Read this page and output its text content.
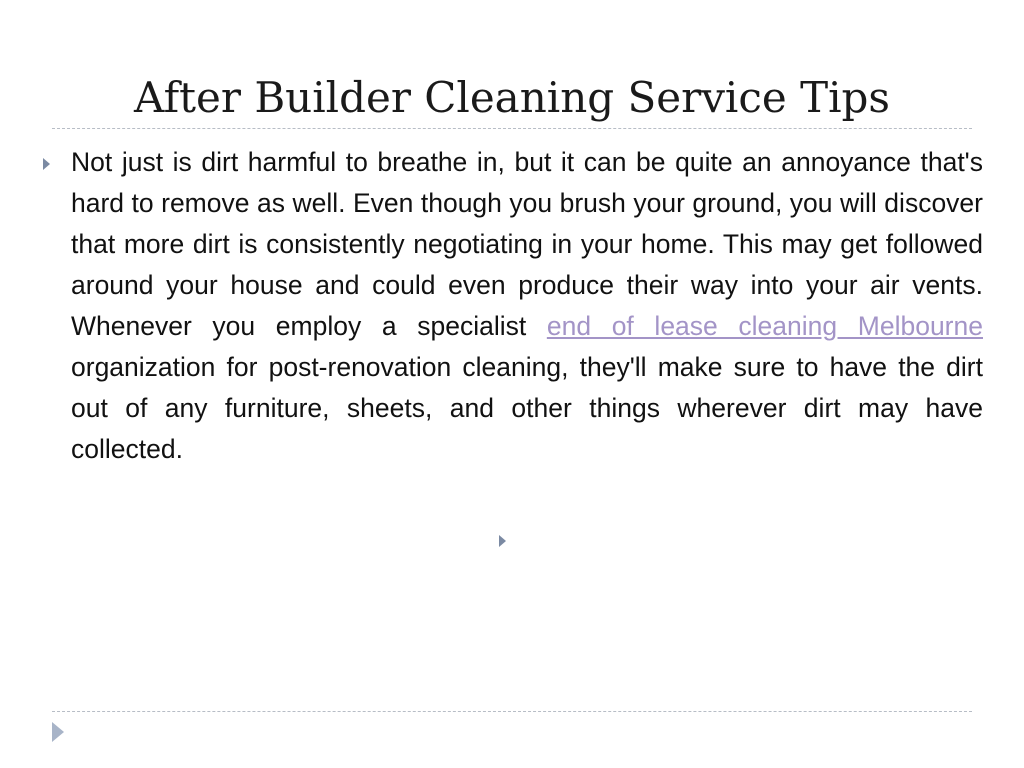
After Builder Cleaning Service Tips

Not just is dirt harmful to breathe in, but it can be quite an annoyance that's hard to remove as well. Even though you brush your ground, you will discover that more dirt is consistently negotiating in your home. This may get followed around your house and could even produce their way into your air vents. Whenever you employ a specialist end of lease cleaning Melbourne organization for post-renovation cleaning, they'll make sure to have the dirt out of any furniture, sheets, and other things wherever dirt may have collected.
